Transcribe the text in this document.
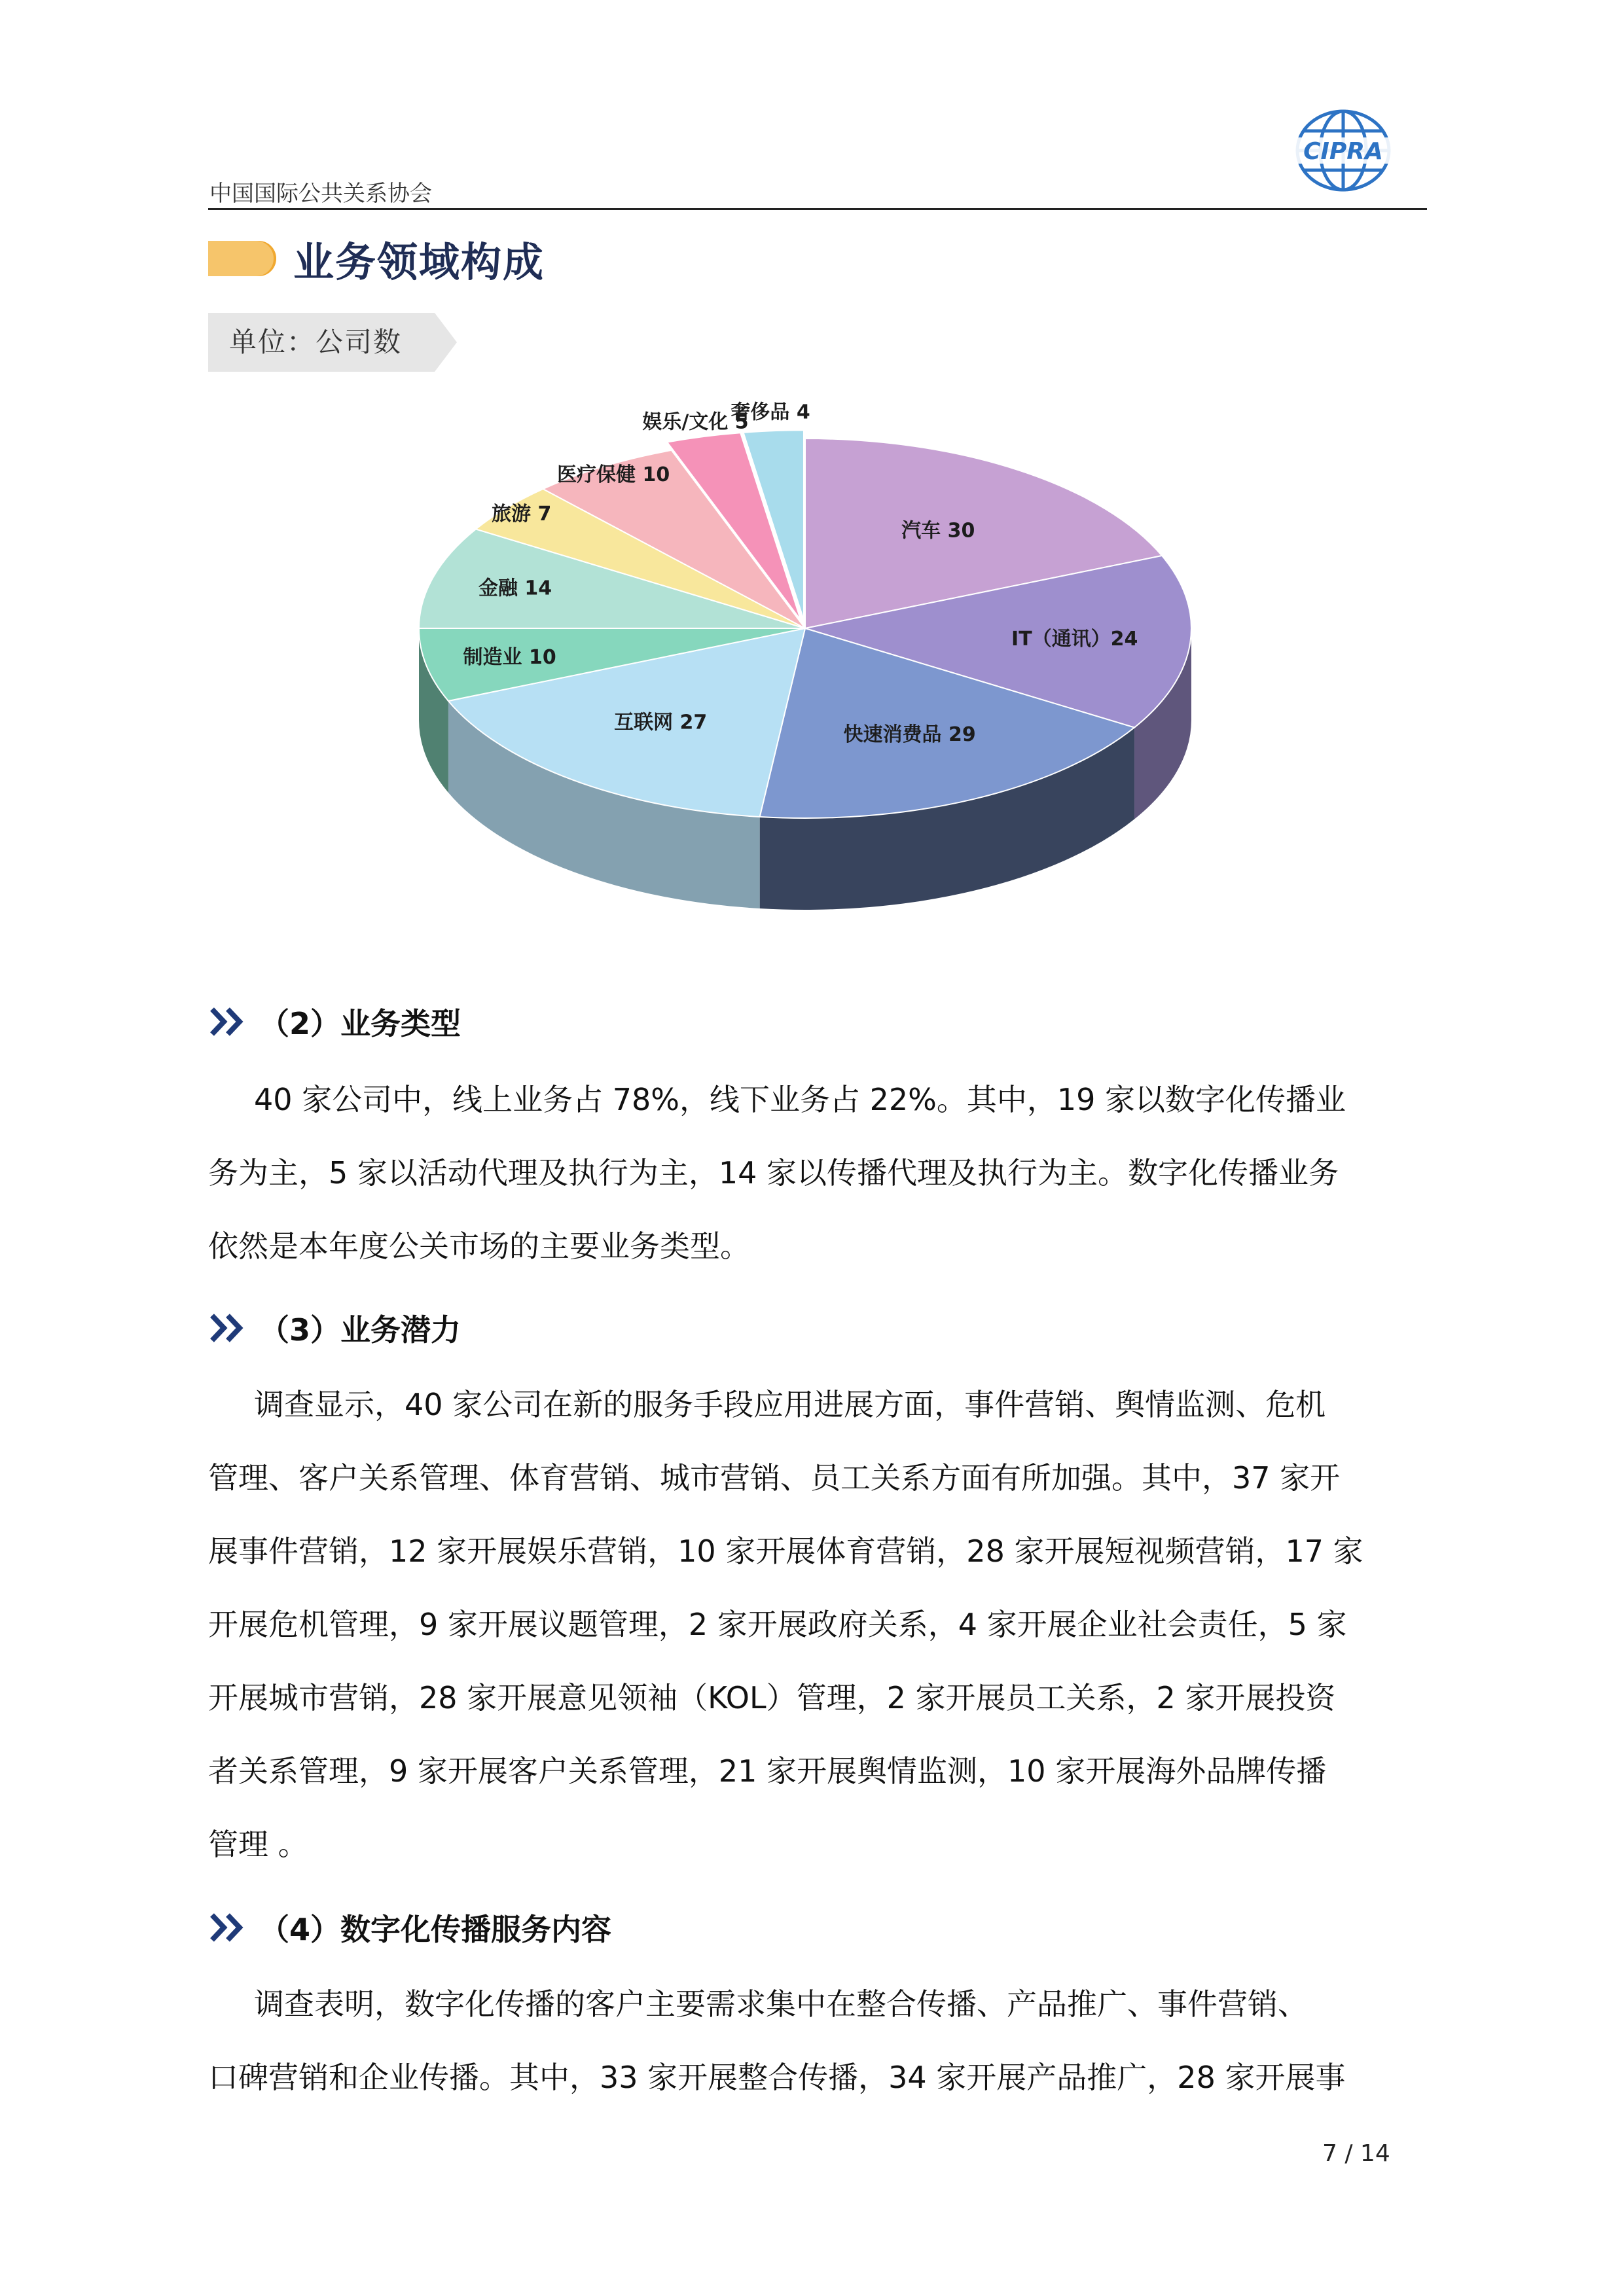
中国国际公共关系协会
CIPRA
业务领域构成
单位：公司数
汽车 30
IT（通讯）24
快速消费品 29
互联网 27
制造业 10
金融 14
旅游 7
医疗保健 10
娱乐/文化 5
奢侈品 4
（2）业务类型

40 家公司中，线上业务占 78%，线下业务占 22%。其中，19 家以数字化传播业

务为主，5 家以活动代理及执行为主，14 家以传播代理及执行为主。数字化传播业务

依然是本年度公关市场的主要业务类型。

（3）业务潜力

调查显示，40 家公司在新的服务手段应用进展方面，事件营销、舆情监测、危机

管理、客户关系管理、体育营销、城市营销、员工关系方面有所加强。其中，37 家开

展事件营销，12 家开展娱乐营销，10 家开展体育营销，28 家开展短视频营销，17 家

开展危机管理，9 家开展议题管理，2 家开展政府关系，4 家开展企业社会责任，5 家

开展城市营销，28 家开展意见领袖（KOL）管理，2 家开展员工关系，2 家开展投资

者关系管理，9 家开展客户关系管理，21 家开展舆情监测，10 家开展海外品牌传播

管理 。

（4）数字化传播服务内容

调查表明，数字化传播的客户主要需求集中在整合传播、产品推广、事件营销、

口碑营销和企业传播。其中，33 家开展整合传播，34 家开展产品推广，28 家开展事

7 / 14
